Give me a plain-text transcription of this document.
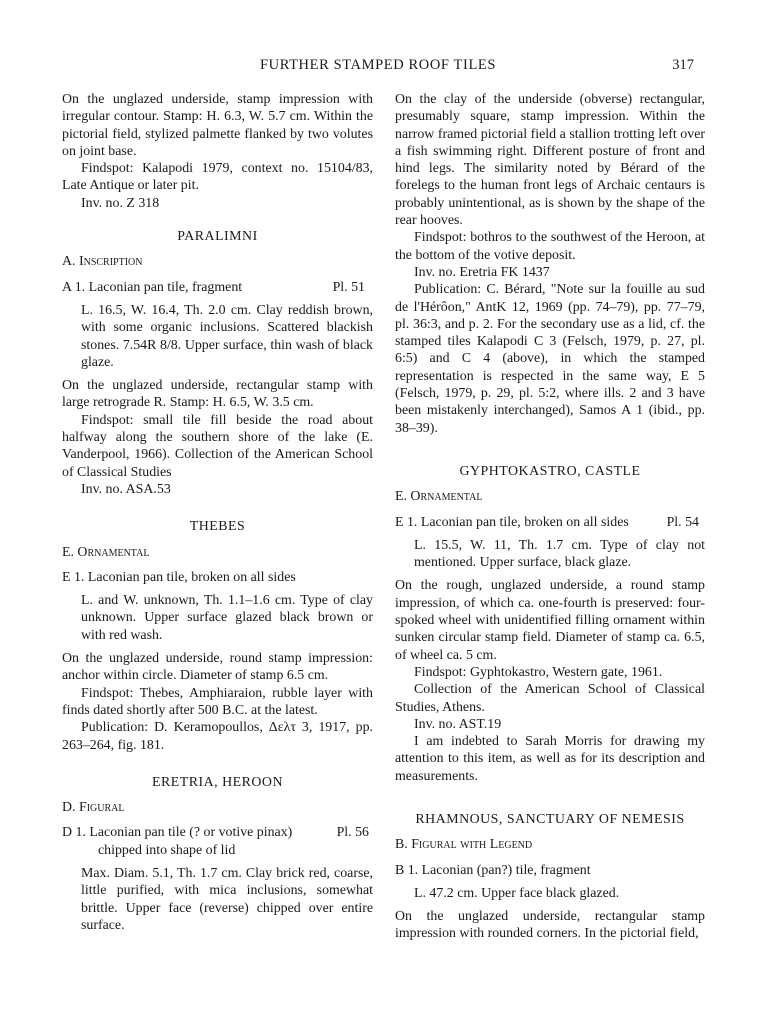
FURTHER STAMPED ROOF TILES	317

On the unglazed underside, stamp impression with irregular contour. Stamp: H. 6.3, W. 5.7 cm. Within the pictorial field, stylized palmette flanked by two volutes on joint base.

Findspot: Kalapodi 1979, context no. 15104/83, Late Antique or later pit.

Inv. no. Z 318

PARALIMNI

A. Inscription

A 1. Laconian pan tile, fragment	Pl. 51

L. 16.5, W. 16.4, Th. 2.0 cm. Clay reddish brown, with some organic inclusions. Scattered blackish stones. 7.54R 8/8. Upper surface, thin wash of black glaze.

On the unglazed underside, rectangular stamp with large retrograde R. Stamp: H. 6.5, W. 3.5 cm.

Findspot: small tile fill beside the road about halfway along the southern shore of the lake (E. Vanderpool, 1966). Collection of the American School of Classical Studies

Inv. no. ASA.53

THEBES

E. Ornamental

E 1. Laconian pan tile, broken on all sides

L. and W. unknown, Th. 1.1–1.6 cm. Type of clay unknown. Upper surface glazed black brown or with red wash.

On the unglazed underside, round stamp impression: anchor within circle. Diameter of stamp 6.5 cm.

Findspot: Thebes, Amphiaraion, rubble layer with finds dated shortly after 500 B.C. at the latest.

Publication: D. Keramopoullos, Δελτ 3, 1917, pp. 263–264, fig. 181.

ERETRIA, HEROON

D. Figural

D 1. Laconian pan tile (? or votive pinax)	Pl. 56

chipped into shape of lid

Max. Diam. 5.1, Th. 1.7 cm. Clay brick red, coarse, little purified, with mica inclusions, somewhat brittle. Upper face (reverse) chipped over entire surface.

On the clay of the underside (obverse) rectangular, presumably square, stamp impression. Within the narrow framed pictorial field a stallion trotting left over a fish swimming right. Different posture of front and hind legs. The similarity noted by Bérard of the forelegs to the human front legs of Archaic centaurs is probably unintentional, as is shown by the shape of the rear hooves.

Findspot: bothros to the southwest of the Heroon, at the bottom of the votive deposit.

Inv. no. Eretria FK 1437

Publication: C. Bérard, "Note sur la fouille au sud de l'Hérôon," AntK 12, 1969 (pp. 74–79), pp. 77–79, pl. 36:3, and p. 2. For the secondary use as a lid, cf. the stamped tiles Kalapodi C 3 (Felsch, 1979, p. 27, pl. 6:5) and C 4 (above), in which the stamped representation is respected in the same way, E 5 (Felsch, 1979, p. 29, pl. 5:2, where ills. 2 and 3 have been mistakenly interchanged), Samos A 1 (ibid., pp. 38–39).

GYPHTOKASTRO, CASTLE

E. Ornamental

E 1. Laconian pan tile, broken on all sides	Pl. 54

L. 15.5, W. 11, Th. 1.7 cm. Type of clay not mentioned. Upper surface, black glaze.

On the rough, unglazed underside, a round stamp impression, of which ca. one-fourth is preserved: four-spoked wheel with unidentified filling ornament within sunken circular stamp field. Diameter of stamp ca. 6.5, of wheel ca. 5 cm.

Findspot: Gyphtokastro, Western gate, 1961.

Collection of the American School of Classical Studies, Athens.

Inv. no. AST.19

I am indebted to Sarah Morris for drawing my attention to this item, as well as for its description and measurements.

RHAMNOUS, SANCTUARY OF NEMESIS

B. Figural with Legend

B 1. Laconian (pan?) tile, fragment

L. 47.2 cm. Upper face black glazed.

On the unglazed underside, rectangular stamp impression with rounded corners. In the pictorial field,
